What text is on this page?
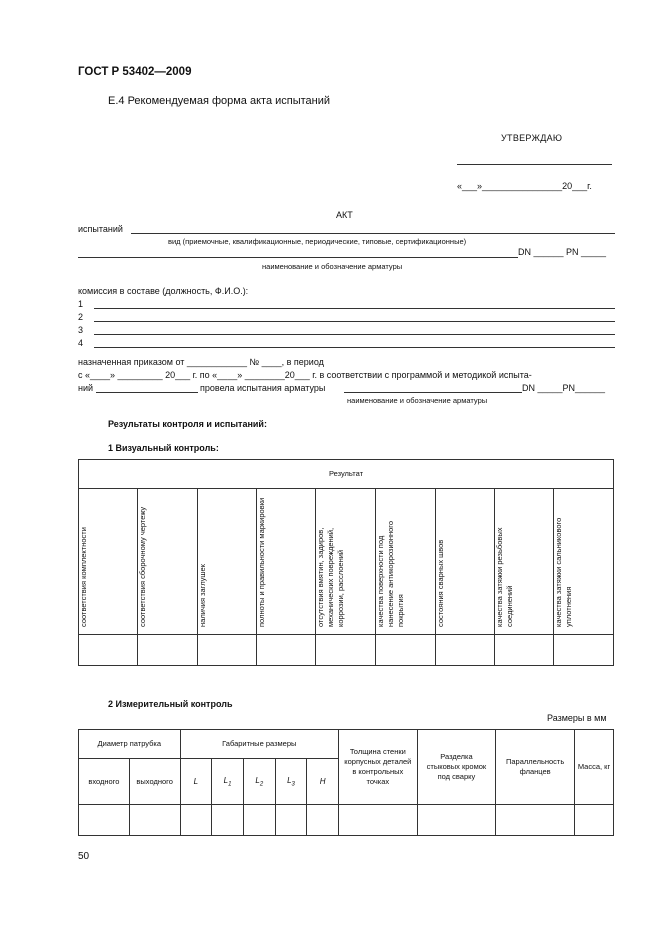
ГОСТ Р 53402—2009
Е.4 Рекомендуемая форма акта испытаний
УТВЕРЖДАЮ
«___»________________20___г.
АКТ
испытаний
вид (приемочные, квалификационные, периодические, типовые, сертификационные)
DN ______ PN _____
наименование и обозначение арматуры
комиссия в составе (должность, Ф.И.О.):
1
2
3
4
назначенная приказом от ____________ № ____, в период
с «____» _________ 20___ г. по «____» ________20___ г. в соответствии с программой и методикой испыта-
ний	провела испытания арматуры	DN _____PN______
наименование и обозначение арматуры
Результаты контроля и испытаний:
1 Визуальный контроль:
Результат								

соответствия комплектности	соответствия сборочному чертежу	наличия заглушек	полноты и правильности маркировки	отсутствия вмятин, задиров, механических повреждений, коррозии, расслоений	качества поверхности под нанесение антикоррозионного покрытия	состояния сварных швов	качества затяжки резьбовых соединений	качества затяжки сальникового уплотнения

2 Измерительный контроль
Размеры в мм
Диаметр патрубка		Габаритные размеры					Толщина стенки корпусных деталей в контрольных точках	Разделка стыковых кромок под сварку	Параллельность фланцев	Масса, кг

входного	выходного	L	$L_1$	$L_2$	$L_3$	H				

50
